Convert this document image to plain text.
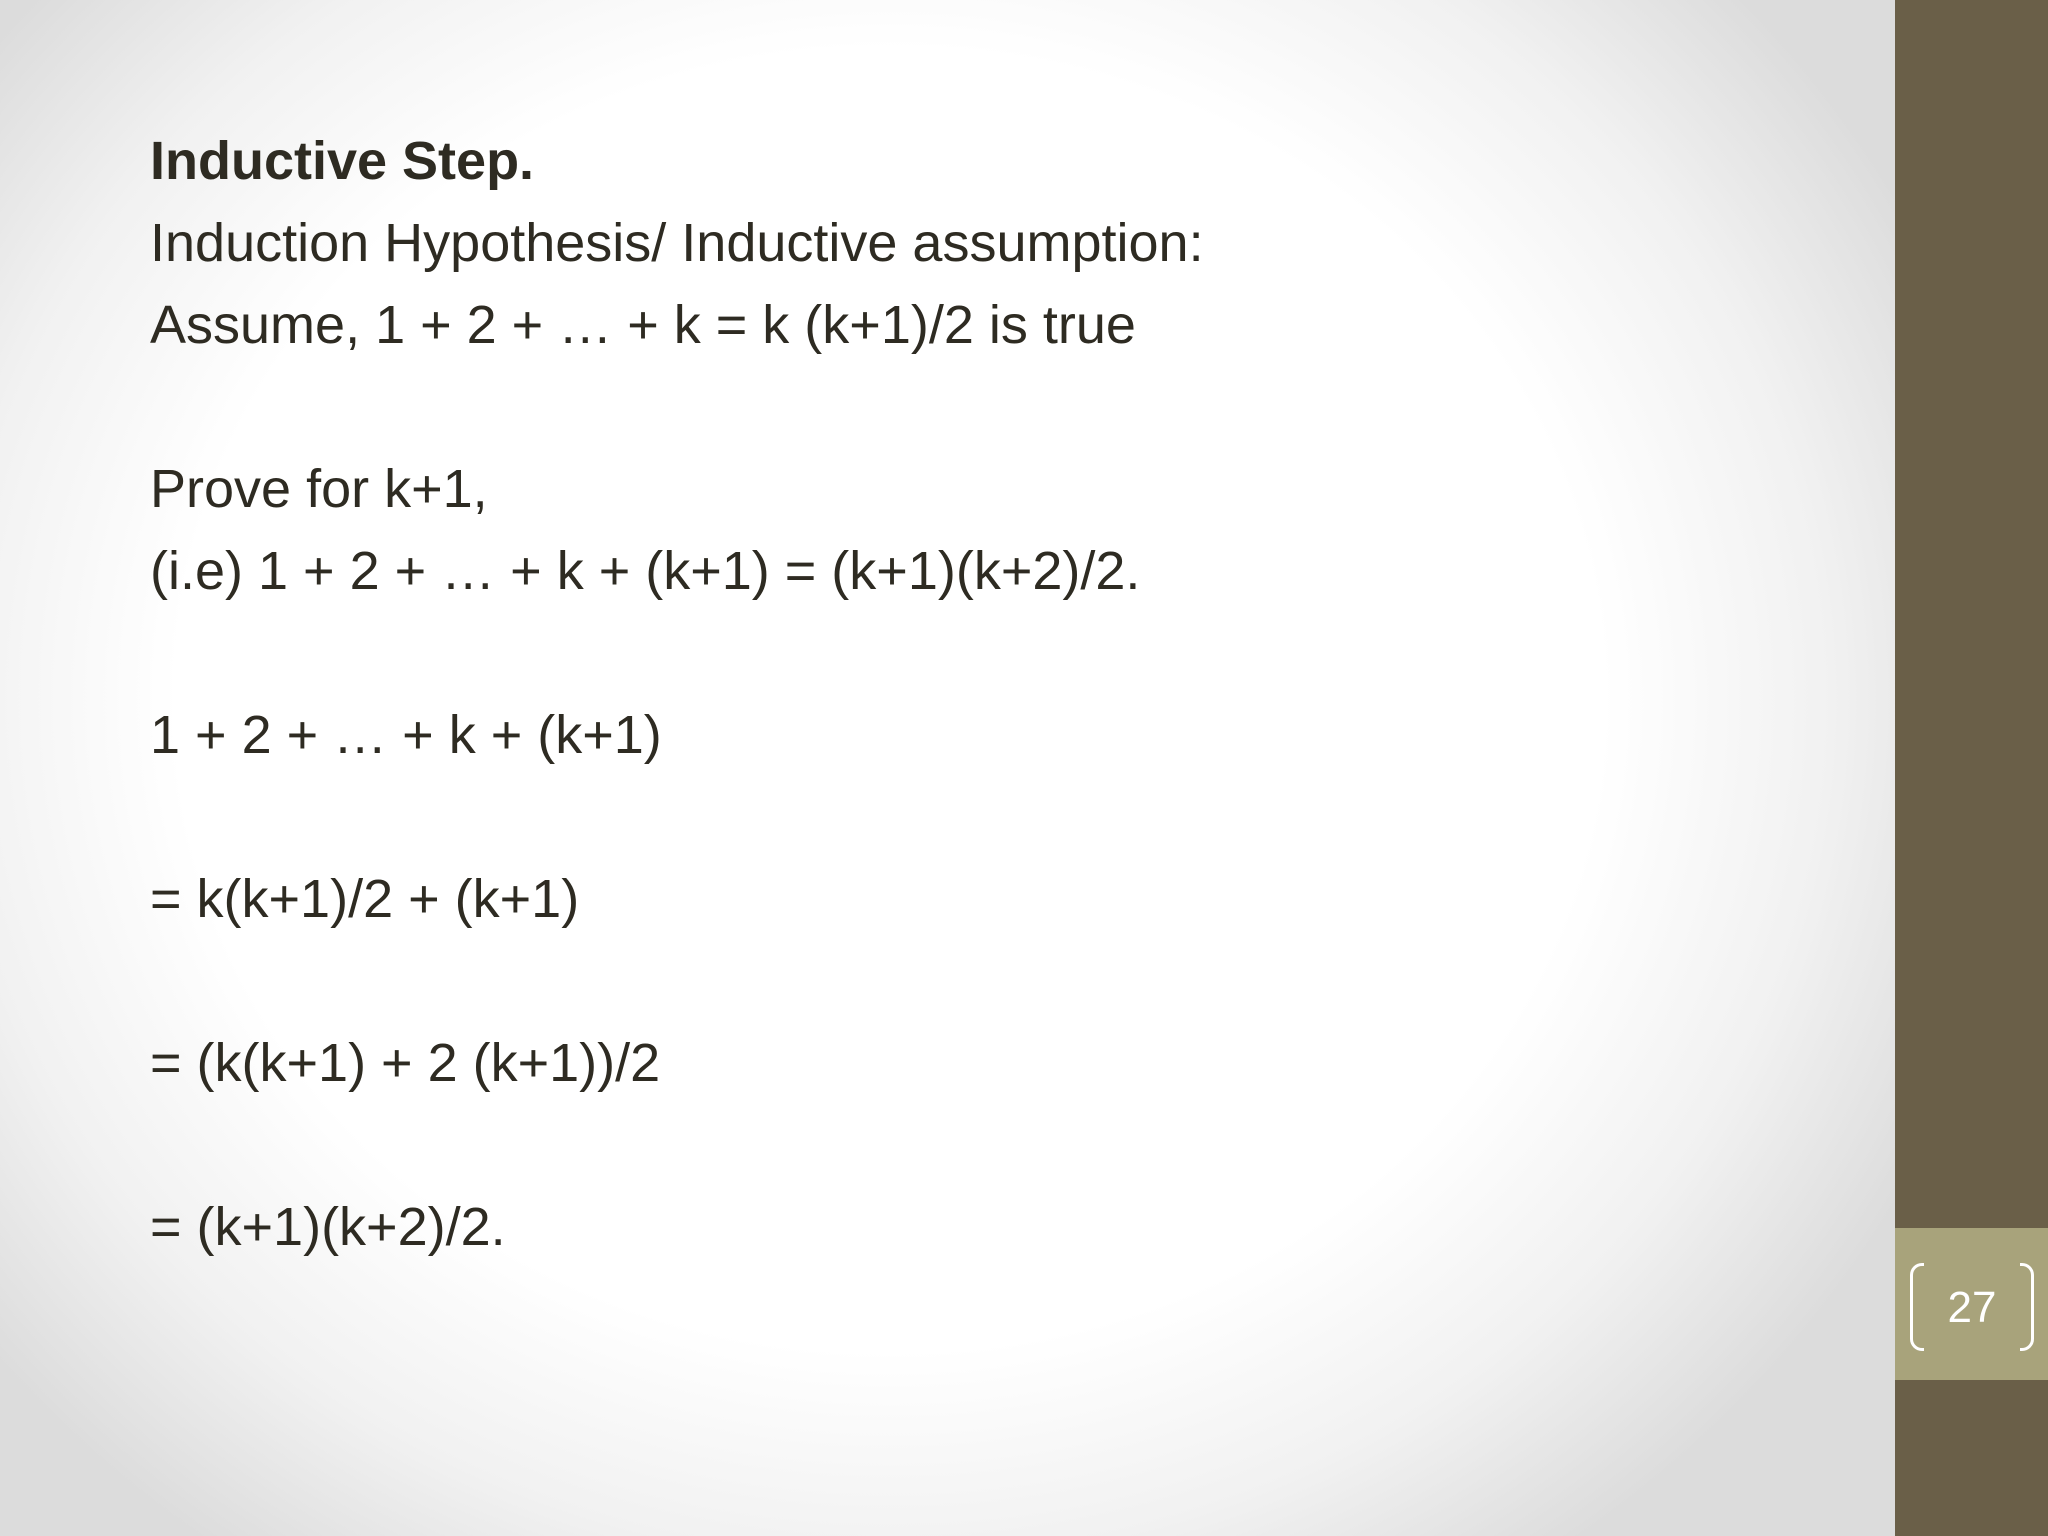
Inductive Step.
Induction Hypothesis/ Inductive assumption:
Assume, 1 + 2 + … + k = k (k+1)/2 is true
Prove for k+1,
(i.e) 1 + 2 + … + k + (k+1) = (k+1)(k+2)/2.
1 + 2 + … + k + (k+1)
= k(k+1)/2 + (k+1)
= (k(k+1) + 2 (k+1))/2
= (k+1)(k+2)/2.
27
